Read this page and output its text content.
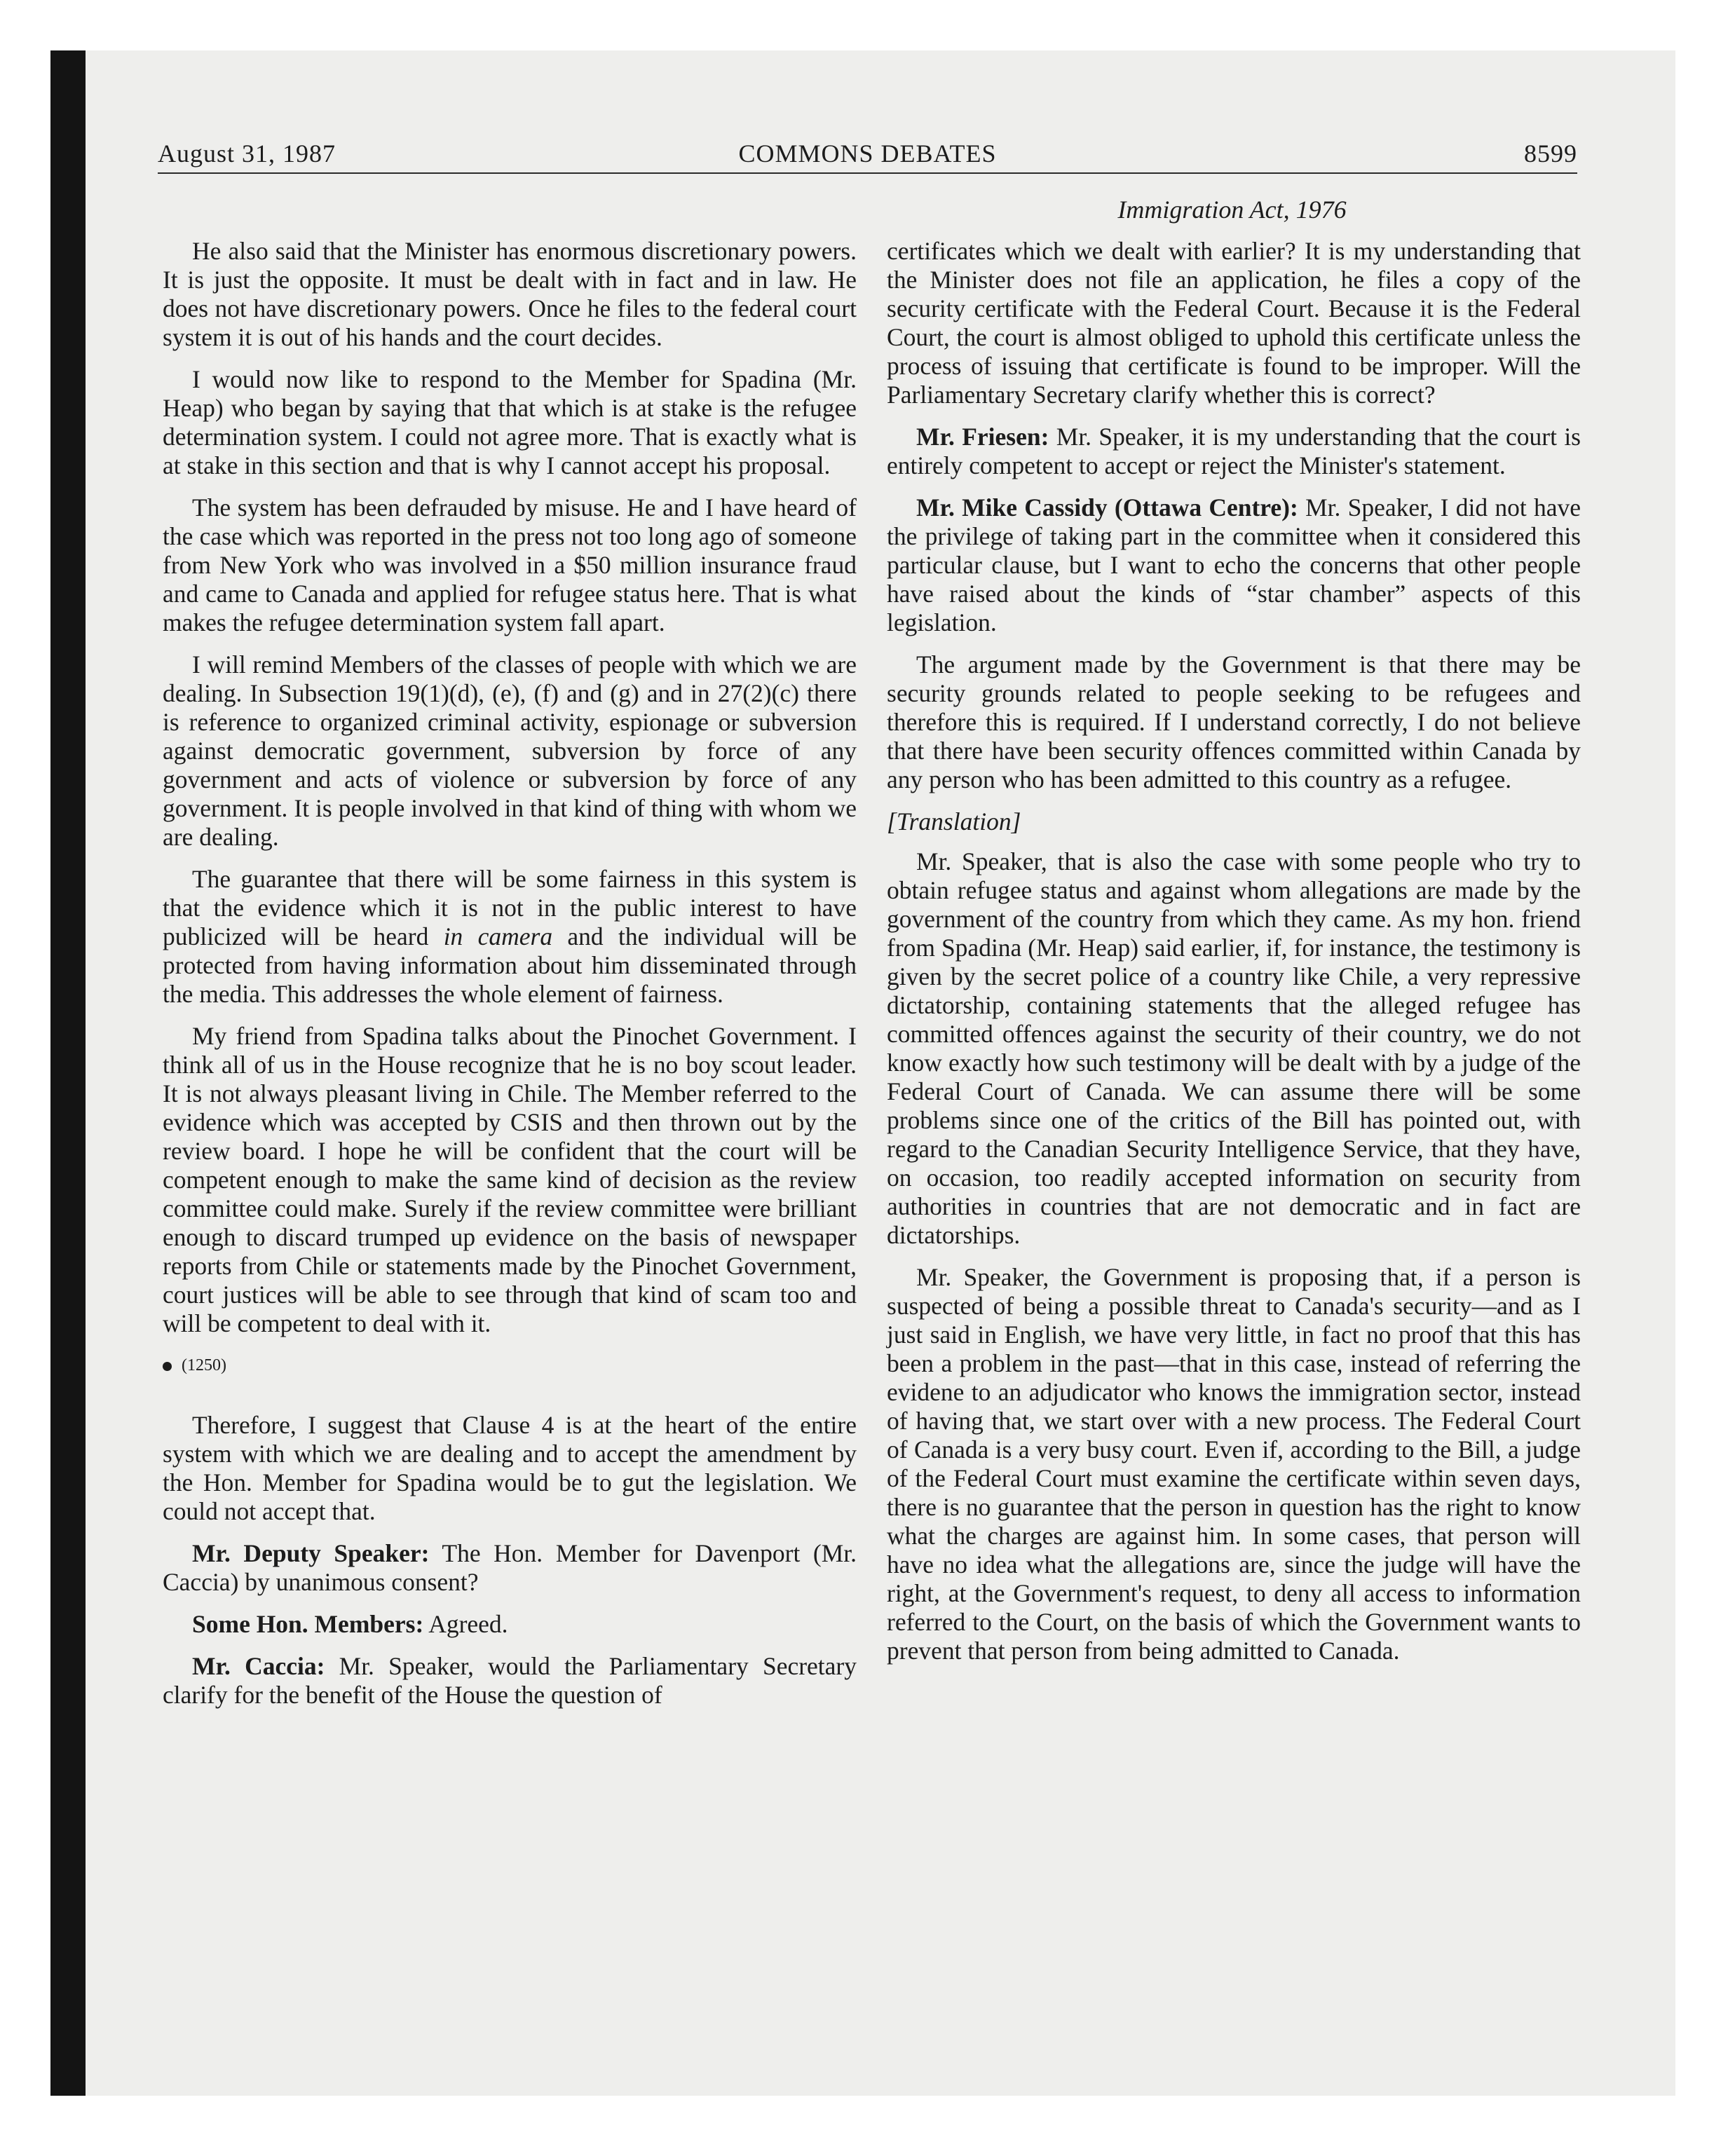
August 31, 1987	COMMONS DEBATES	8599
Immigration Act, 1976

He also said that the Minister has enormous discretionary powers. It is just the opposite. It must be dealt with in fact and in law. He does not have discretionary powers. Once he files to the federal court system it is out of his hands and the court decides.

I would now like to respond to the Member for Spadina (Mr. Heap) who began by saying that that which is at stake is the refugee determination system. I could not agree more. That is exactly what is at stake in this section and that is why I cannot accept his proposal.

The system has been defrauded by misuse. He and I have heard of the case which was reported in the press not too long ago of someone from New York who was involved in a $50 million insurance fraud and came to Canada and applied for refugee status here. That is what makes the refugee determination system fall apart.

I will remind Members of the classes of people with which we are dealing. In Subsection 19(1)(d), (e), (f) and (g) and in 27(2)(c) there is reference to organized criminal activity, espionage or subversion against democratic government, subversion by force of any government and acts of violence or subversion by force of any government. It is people involved in that kind of thing with whom we are dealing.

The guarantee that there will be some fairness in this system is that the evidence which it is not in the public interest to have publicized will be heard in camera and the individual will be protected from having information about him disseminated through the media. This addresses the whole element of fairness.

My friend from Spadina talks about the Pinochet Government. I think all of us in the House recognize that he is no boy scout leader. It is not always pleasant living in Chile. The Member referred to the evidence which was accepted by CSIS and then thrown out by the review board. I hope he will be confident that the court will be competent enough to make the same kind of decision as the review committee could make. Surely if the review committee were brilliant enough to discard trumped up evidence on the basis of newspaper reports from Chile or statements made by the Pinochet Government, court justices will be able to see through that kind of scam too and will be competent to deal with it.

(1250)

Therefore, I suggest that Clause 4 is at the heart of the entire system with which we are dealing and to accept the amendment by the Hon. Member for Spadina would be to gut the legislation. We could not accept that.

Mr. Deputy Speaker: The Hon. Member for Davenport (Mr. Caccia) by unanimous consent?

Some Hon. Members: Agreed.

Mr. Caccia: Mr. Speaker, would the Parliamentary Secretary clarify for the benefit of the House the question of

certificates which we dealt with earlier? It is my understanding that the Minister does not file an application, he files a copy of the security certificate with the Federal Court. Because it is the Federal Court, the court is almost obliged to uphold this certificate unless the process of issuing that certificate is found to be improper. Will the Parliamentary Secretary clarify whether this is correct?

Mr. Friesen: Mr. Speaker, it is my understanding that the court is entirely competent to accept or reject the Minister's statement.

Mr. Mike Cassidy (Ottawa Centre): Mr. Speaker, I did not have the privilege of taking part in the committee when it considered this particular clause, but I want to echo the concerns that other people have raised about the kinds of “star chamber” aspects of this legislation.

The argument made by the Government is that there may be security grounds related to people seeking to be refugees and therefore this is required. If I understand correctly, I do not believe that there have been security offences committed within Canada by any person who has been admitted to this country as a refugee.

[Translation]

Mr. Speaker, that is also the case with some people who try to obtain refugee status and against whom allegations are made by the government of the country from which they came. As my hon. friend from Spadina (Mr. Heap) said earlier, if, for instance, the testimony is given by the secret police of a country like Chile, a very repressive dictatorship, containing statements that the alleged refugee has committed offences against the security of their country, we do not know exactly how such testimony will be dealt with by a judge of the Federal Court of Canada. We can assume there will be some problems since one of the critics of the Bill has pointed out, with regard to the Canadian Security Intelligence Service, that they have, on occasion, too readily accepted information on security from authorities in countries that are not democratic and in fact are dictatorships.

Mr. Speaker, the Government is proposing that, if a person is suspected of being a possible threat to Canada's security—and as I just said in English, we have very little, in fact no proof that this has been a problem in the past—that in this case, instead of referring the evidene to an adjudicator who knows the immigration sector, instead of having that, we start over with a new process. The Federal Court of Canada is a very busy court. Even if, according to the Bill, a judge of the Federal Court must examine the certificate within seven days, there is no guarantee that the person in question has the right to know what the charges are against him. In some cases, that person will have no idea what the allegations are, since the judge will have the right, at the Government's request, to deny all access to information referred to the Court, on the basis of which the Government wants to prevent that person from being admitted to Canada.
